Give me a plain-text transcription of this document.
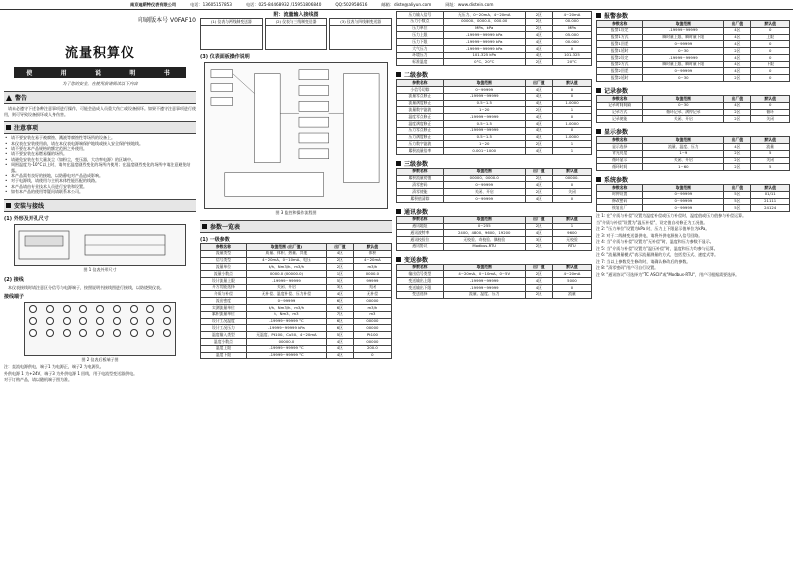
南京迪斯特仪表有限公司	电话：13605157853	电话：025-84468932 /15951806840	QQ:502958616	邮箱：diste@aliyun.com	网址：www.distein.com
印刷版本号 V0FAF10
流量积算仪
使	用	说	明	书
为了您的安全，在使用前请阅读以下内容
警告

请未必遵守下述各种注意事项进行操作，可能会造成人员重大伤亡或设备损坏。如果不遵守注意事项进行使用，则可导致设备损坏或人身伤害。

注意事项
• 请不要安装在易于被腐蚀、溅液等腐蚀性等场所的设备上。
• 本仪表在安装使用前，请在本仪表电源端保护地线或接入安全保护接地线。
• 请不要在本产品规格的额定范围之外使用。
• 请不要安装在易燃易爆的场所。
• 请避免安装在有大量灰尘（如粉尘，变压器，大功率电源）的区域中。
• 周围温度为-10°C以上时，请勿在温度剧烈变化的场所内使用；在温度剧烈变化的场所中请注意避免结露。
• 本产品需有良好的接地，以防静电对产品造成影响。
• 对于电源线，请使用与主机本体性能匹配的线路。
• 本产品请由专业技术人员进行安装和设置。
• 如有本产品的使用等疑问请联系本公司。
安装与接线
(1) 外形及开孔尺寸
图 1 仪表外形尺寸
(2) 接线

本仪表接线时请注意区分信号与电源端子，按照说明书接线图进行接线，以防烧毁仪表。

接线端子
图 2 仪表后板端子图

注：直流电源供电，端子1 为电源正，端子2 为电源负。

外供电源 1 为+24V，端子3 为外供电源 1 回线，用于电流型变送器供电。

对于订购产品，请以随机端子图为准。

附：流量输入接线图
(1) 仪表与两线制变送器	(2) 仪表与三线制变送器	(3) 仪表与四线制变送器
(3) 仪表面板操作说明
图 3 监控和操作流程图
参数一览表
(1) 一级参数
参数名称	取值范围 (出厂值)	出厂值	默认值
流量类型	质量、体积、热量、其他	4区	体积
信号类型	4~20mA、0~10mA、电压	2区	4~20mA
流量单位	t/h、Nm3/h、m3/h	2区	m3/h
流量小数点	0000.0 (00000.0)	1区	0000.0
设计流量上限	-19999~99999	5区	99999
开方功能选择	关闭、开启	3区	关闭
介质与补偿	无补偿、温度补偿、压力补偿	4区	无补偿
流出密度	0~99999	6区	00000
实测流量单位	t/h、Nm3/h、m3/h	6区	m3/h
累积流量单位	t、Nm3、m3	7区	m3
设计工况温度	-19999~99999 °C	6区	00000
设计工况压力	-19999~99999 kPa	6区	00000
温度输入类型	无温度、Pt100、Cu50、4~20mA	5区	Pt100
温度小数点	00000.0	4区	00000
温度上限	-19999~99999 °C	4区	200.0
温度下限	-19999~99999 °C	4区	0
压力输入信号	无压力、0~20mA、4~20mA	2区	4~20mA
压力小数点	00000、0000.0、000.00	2区	00.000
压力单位	MPa、kPa	2区	MPa
压力上限	-19999~99999 kPa	4区	05.000
压力下限	-19999~99999 kPa	4区	00.000
大气压力	-19999~99999 kPa	4区	0
环境压力	101.325 kPa	4区	101.325
标准温度	0°C、20°C	2区	20°C
二级参数
参数名称	取值范围	出厂值	默认值
小信号切除	0~99999	4区	0
流量零点修正	-19999~99999	4区	0
流量满度修正	0.5~1.5	4区	1.0000
流量数字滤波	1~20	2区	1
温度零点修正	-19999~99999	4区	0
温度满度修正	0.5~1.5	4区	1.0000
压力零点修正	-19999~99999	4区	0
压力满度修正	0.5~1.5	4区	1.0000
压力数字滤波	1~20	2区	1
累积流量倍率	0.001~1000	4区	1
三级参数
参数名称	取值范围	出厂值	默认值
累积流量初值	00000、0000.0	2区	00000.
清零密码	0~99999	4区	0
清零使能	关闭、开启	2区	关闭
累积值清除	0~99999	4区	0
通讯参数
参数名称	取值范围	出厂值	默认值
通讯地址	0~255	2区	1
通讯波特率	2400、4800、9600、19200	4区	9600
通讯校验位	无校验、奇校验、偶校验	3区	无校验
通讯协议	Modbus-RTU	2区	RTU
变送参数
参数名称	取值范围	出厂值	默认值
输出信号类型	4~20mA、0~10mA、0~5V	2区	4~20mA
变送输出上限	-19999~99999	4区	5000
变送输出下限	-19999~99999	4区	0
变送选择	流量、温度、压力	2区	流量
报警参数
参数名称	取值范围	出厂值	默认值
报警1设定	-19999~99999	4区	0
报警1方式	瞬时量上限、瞬时量下限	4区	上限
报警1回差	0~99999	4区	0
报警1延时	0~30	2区	0
报警2设定	-19999~99999	4区	0
报警2方式	瞬时量上限、瞬时量下限	4区	下限
报警2回差	0~99999	4区	0
报警2延时	0~30	2区	0
记录参数
参数名称	取值范围	出厂值	默认值
记录时间间隔	0~30	4区	0
记录方式	循环记录、满停记录	2区	循环
记录使能	关闭、开启	2区	关闭
显示参数
参数名称	取值范围	出厂值	默认值
显示选择	流量、温度、压力	4区	流量
背光亮度	1~9	2区	5
循环显示	关闭、开启	2区	关闭
循环时间	1~60	2区	5
系统参数
参数名称	取值范围	出厂值	默认值
时钟设置	0~99999	5区	01/11
修改密码	0~99999	5区	21111
恢复出厂	0~99999	5区	24124

注 1: 在"介质与补偿"设置为温度补偿或压力补偿时，温度值或压力值参与补偿运算。

当"介质与补偿"设置为"温压补偿"，设定值自动修正为工况值。

注 2: "压力单位"设置为kPa 时，压力上下限显示值单位为kPa。

注 3: 对于二线制变送器供电，请将外供电源接入信号回路。

注 4: 当"介质与补偿"设置为"无补偿"时，温度和压力参数不显示。

注 5: 当"介质与补偿"设置为"温压补偿"时，温度和压力均参与运算。

注 6: "流量测量模式"表示流量测量的方式，包括差压式、速度式等。

注 7: 当以上参数发生修改时，请确认修改后的参数。

注 8: "清零密码"用户可自行设置。

注 9: "通讯协议"可选择为"TC ASCII"或"Modbus-RTU"，用户可根据需要选择。
